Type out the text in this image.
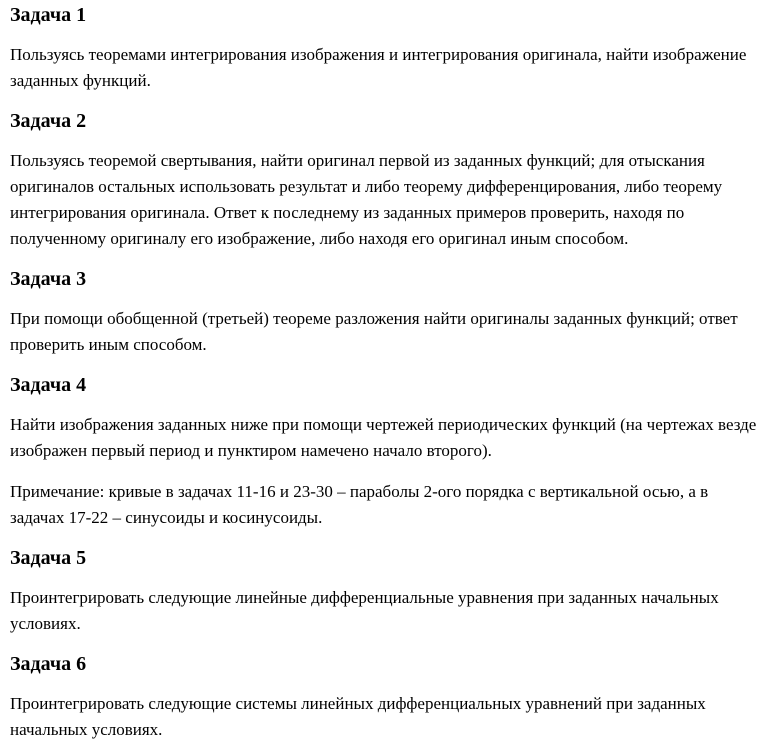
Задача 1

Пользуясь теоремами интегрирования изображения и интегрирования оригинала, найти изображение заданных функций.

Задача 2

Пользуясь теоремой свертывания, найти оригинал первой из заданных функций; для отыскания оригиналов остальных использовать результат и либо теорему дифференцирования, либо теорему интегрирования оригинала. Ответ к последнему из заданных примеров проверить, находя по полученному оригиналу его изображение, либо находя его оригинал иным способом.

Задача 3

При помощи обобщенной (третьей) теореме разложения найти оригиналы заданных функций; ответ проверить иным способом.

Задача 4

Найти изображения заданных ниже при помощи чертежей периодических функций (на чертежах везде изображен первый период и пунктиром намечено начало второго).

Примечание: кривые в задачах 11-16 и 23-30 – параболы 2-ого порядка с вертикальной осью, а в задачах 17-22 – синусоиды и косинусоиды.

Задача 5

Проинтегрировать следующие линейные дифференциальные уравнения при заданных начальных условиях.

Задача 6

Проинтегрировать следующие системы линейных дифференциальных уравнений при заданных начальных условиях.
